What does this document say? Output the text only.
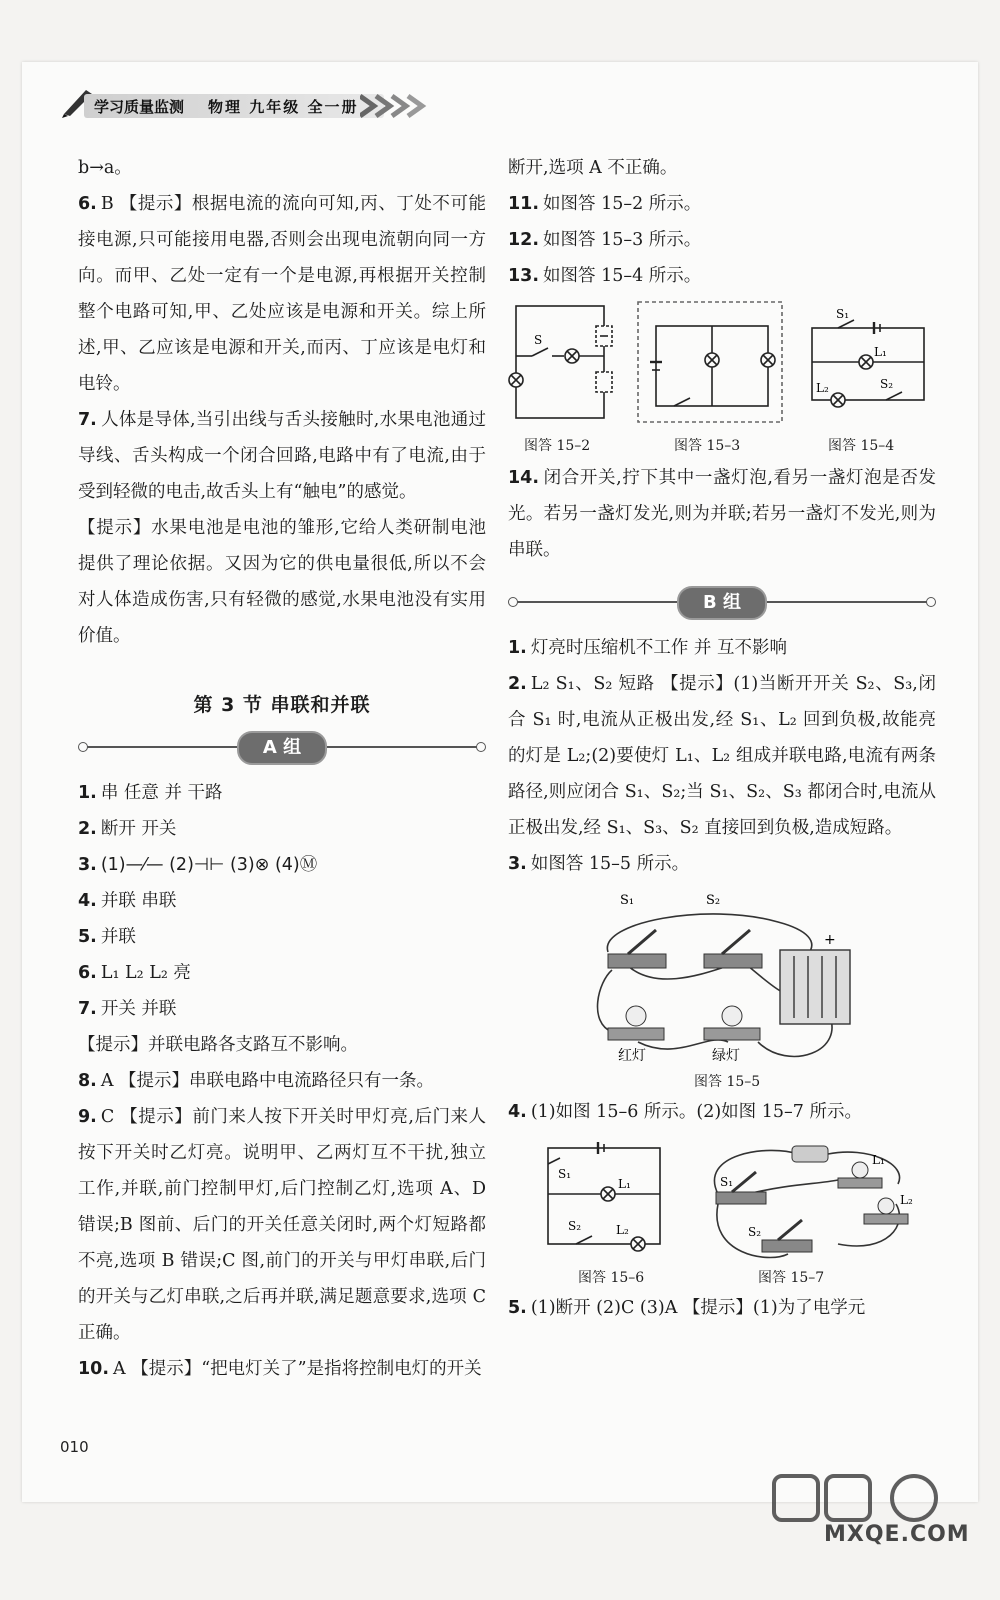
学习质量监测 物理 九年级 全一册

b→a。

6. B 【提示】根据电流的流向可知,丙、丁处不可能接电源,只可能接用电器,否则会出现电流朝向同一方向。而甲、乙处一定有一个是电源,再根据开关控制整个电路可知,甲、乙处应该是电源和开关。综上所述,甲、乙应该是电源和开关,而丙、丁应该是电灯和电铃。

7. 人体是导体,当引出线与舌头接触时,水果电池通过导线、舌头构成一个闭合回路,电路中有了电流,由于受到轻微的电击,故舌头上有“触电”的感觉。

【提示】水果电池是电池的雏形,它给人类研制电池提供了理论依据。又因为它的供电量很低,所以不会对人体造成伤害,只有轻微的感觉,水果电池没有实用价值。

第 3 节 串联和并联
A 组

1. 串 任意 并 干路

2. 断开 开关

3. (1)—⁄— (2)⊣⊢ (3)⊗ (4)Ⓜ

4. 并联 串联

5. 并联

6. L₁ L₂ L₂ 亮

7. 开关 并联

【提示】并联电路各支路互不影响。

8. A 【提示】串联电路中电流路径只有一条。

9. C 【提示】前门来人按下开关时甲灯亮,后门来人按下开关时乙灯亮。说明甲、乙两灯互不干扰,独立工作,并联,前门控制甲灯,后门控制乙灯,选项 A、D 错误;B 图前、后门的开关任意关闭时,两个灯短路都不亮,选项 B 错误;C 图,前门的开关与甲灯串联,后门的开关与乙灯串联,之后再并联,满足题意要求,选项 C 正确。

10. A 【提示】“把电灯关了”是指将控制电灯的开关

断开,选项 A 不正确。

11. 如图答 15–2 所示。

12. 如图答 15–3 所示。

13. 如图答 15–4 所示。

S
S₁
L₁
L₂	S₂
图答 15–2	图答 15–3	图答 15–4

14. 闭合开关,拧下其中一盏灯泡,看另一盏灯泡是否发光。若另一盏灯发光,则为并联;若另一盏灯不发光,则为串联。

B 组

1. 灯亮时压缩机不工作 并 互不影响

2. L₂ S₁、S₂ 短路 【提示】(1)当断开开关 S₂、S₃,闭合 S₁ 时,电流从正极出发,经 S₁、L₂ 回到负极,故能亮的灯是 L₂;(2)要使灯 L₁、L₂ 组成并联电路,电流有两条路径,则应闭合 S₁、S₂;当 S₁、S₂、S₃ 都闭合时,电流从正极出发,经 S₁、S₃、S₂ 直接回到负极,造成短路。

3. 如图答 15–5 所示。

S₁	S₂
+
红灯	绿灯
图答 15–5

4. (1)如图 15–6 所示。(2)如图 15–7 所示。

S₁
L₁
S₂	L₂
S₁
L₁
S₂
L₂
图答 15–6	图答 15–7

5. (1)断开 (2)C (3)A 【提示】(1)为了电学元

010
MXQE.COM
